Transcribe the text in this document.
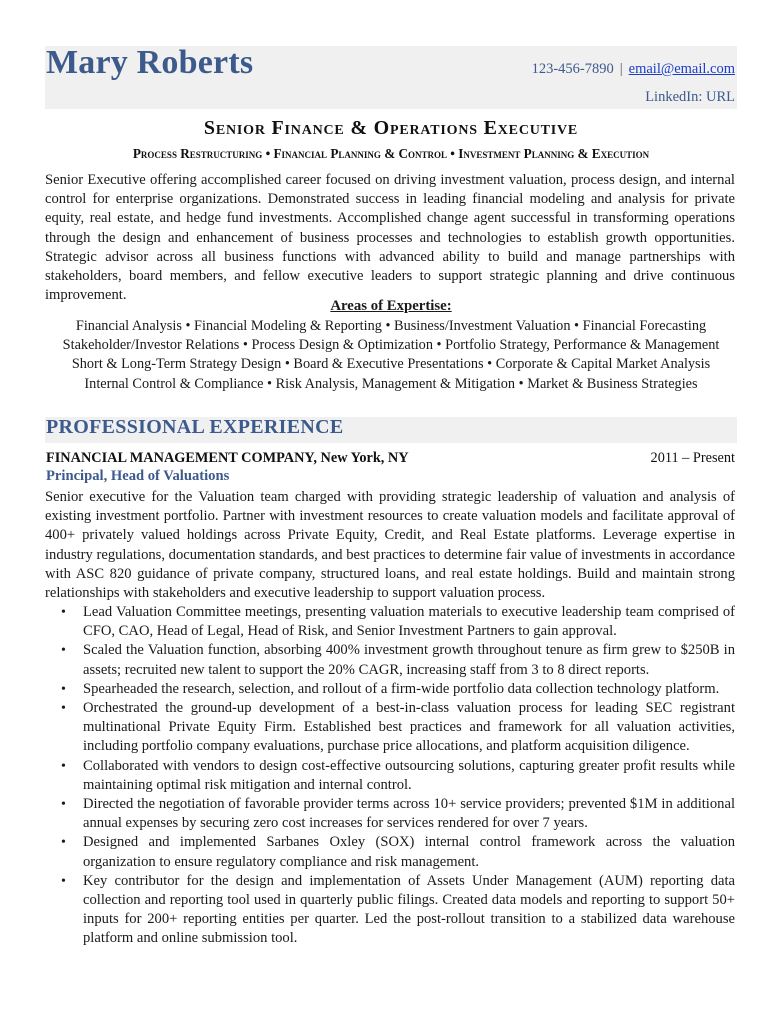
Mary Roberts	123-456-7890 | email@email.com
LinkedIn: URL
Senior Finance & Operations Executive
Process Restructuring • Financial Planning & Control • Investment Planning & Execution

Senior Executive offering accomplished career focused on driving investment valuation, process design, and internal control for enterprise organizations. Demonstrated success in leading financial modeling and analysis for private equity, real estate, and hedge fund investments. Accomplished change agent successful in transforming operations through the design and enhancement of business processes and technologies to establish growth opportunities. Strategic advisor across all business functions with advanced ability to build and manage partnerships with stakeholders, board members, and fellow executive leaders to support strategic planning and drive continuous improvement.

Areas of Expertise:
Financial Analysis • Financial Modeling & Reporting • Business/Investment Valuation • Financial Forecasting
Stakeholder/Investor Relations • Process Design & Optimization • Portfolio Strategy, Performance & Management
Short & Long-Term Strategy Design • Board & Executive Presentations • Corporate & Capital Market Analysis
Internal Control & Compliance • Risk Analysis, Management & Mitigation • Market & Business Strategies
PROFESSIONAL EXPERIENCE
FINANCIAL MANAGEMENT COMPANY, New York, NY	2011 – Present
Principal, Head of Valuations

Senior executive for the Valuation team charged with providing strategic leadership of valuation and analysis of existing investment portfolio. Partner with investment resources to create valuation models and facilitate approval of 400+ privately valued holdings across Private Equity, Credit, and Real Estate platforms. Leverage expertise in industry regulations, documentation standards, and best practices to determine fair value of investments in accordance with ASC 820 guidance of private company, structured loans, and real estate holdings. Build and maintain strong relationships with stakeholders and executive leadership to support valuation process.

• Lead Valuation Committee meetings, presenting valuation materials to executive leadership team comprised of CFO, CAO, Head of Legal, Head of Risk, and Senior Investment Partners to gain approval.
• Scaled the Valuation function, absorbing 400% investment growth throughout tenure as firm grew to $250B in assets; recruited new talent to support the 20% CAGR, increasing staff from 3 to 8 direct reports.
• Spearheaded the research, selection, and rollout of a firm-wide portfolio data collection technology platform.
• Orchestrated the ground-up development of a best-in-class valuation process for leading SEC registrant multinational Private Equity Firm. Established best practices and framework for all valuation activities, including portfolio company evaluations, purchase price allocations, and platform acquisition diligence.
• Collaborated with vendors to design cost-effective outsourcing solutions, capturing greater profit results while maintaining optimal risk mitigation and internal control.
• Directed the negotiation of favorable provider terms across 10+ service providers; prevented $1M in additional annual expenses by securing zero cost increases for services rendered for over 7 years.
• Designed and implemented Sarbanes Oxley (SOX) internal control framework across the valuation organization to ensure regulatory compliance and risk management.
• Key contributor for the design and implementation of Assets Under Management (AUM) reporting data collection and reporting tool used in quarterly public filings. Created data models and reporting to support 50+ inputs for 200+ reporting entities per quarter. Led the post-rollout transition to a stabilized data warehouse platform and online submission tool.
